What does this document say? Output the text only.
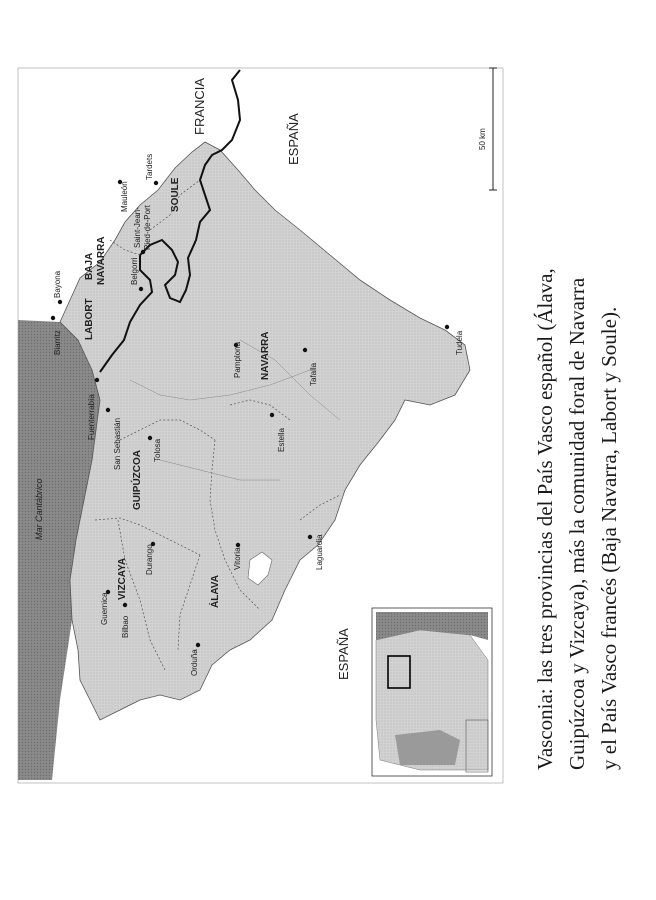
50 km
Mar Cantábrico
FRANCIA
ESPAÑA
ESPAÑA
LABORT
BAJA NAVARRA
SOULE
NAVARRA
GUIPÚZCOA
VIZCAYA	ÁLAVA
Biarritz
Bayona	Belgorri
Saint-Jean- Pied-de-Port
Mauleón
Tardets
Fuenterrabía
San Sebastián	Tolosa
Pamplona
Estella
Tafalla
Tudela
Guernica
Bilbao
Durango
Orduña
Vitoria	Laguardia	Vasconia: las tres provincias del País Vasco español (Álava, Guipúzcoa y Vizcaya), más la comunidad foral de Navarra y el País Vasco francés (Baja Navarra, Labort y Soule).
